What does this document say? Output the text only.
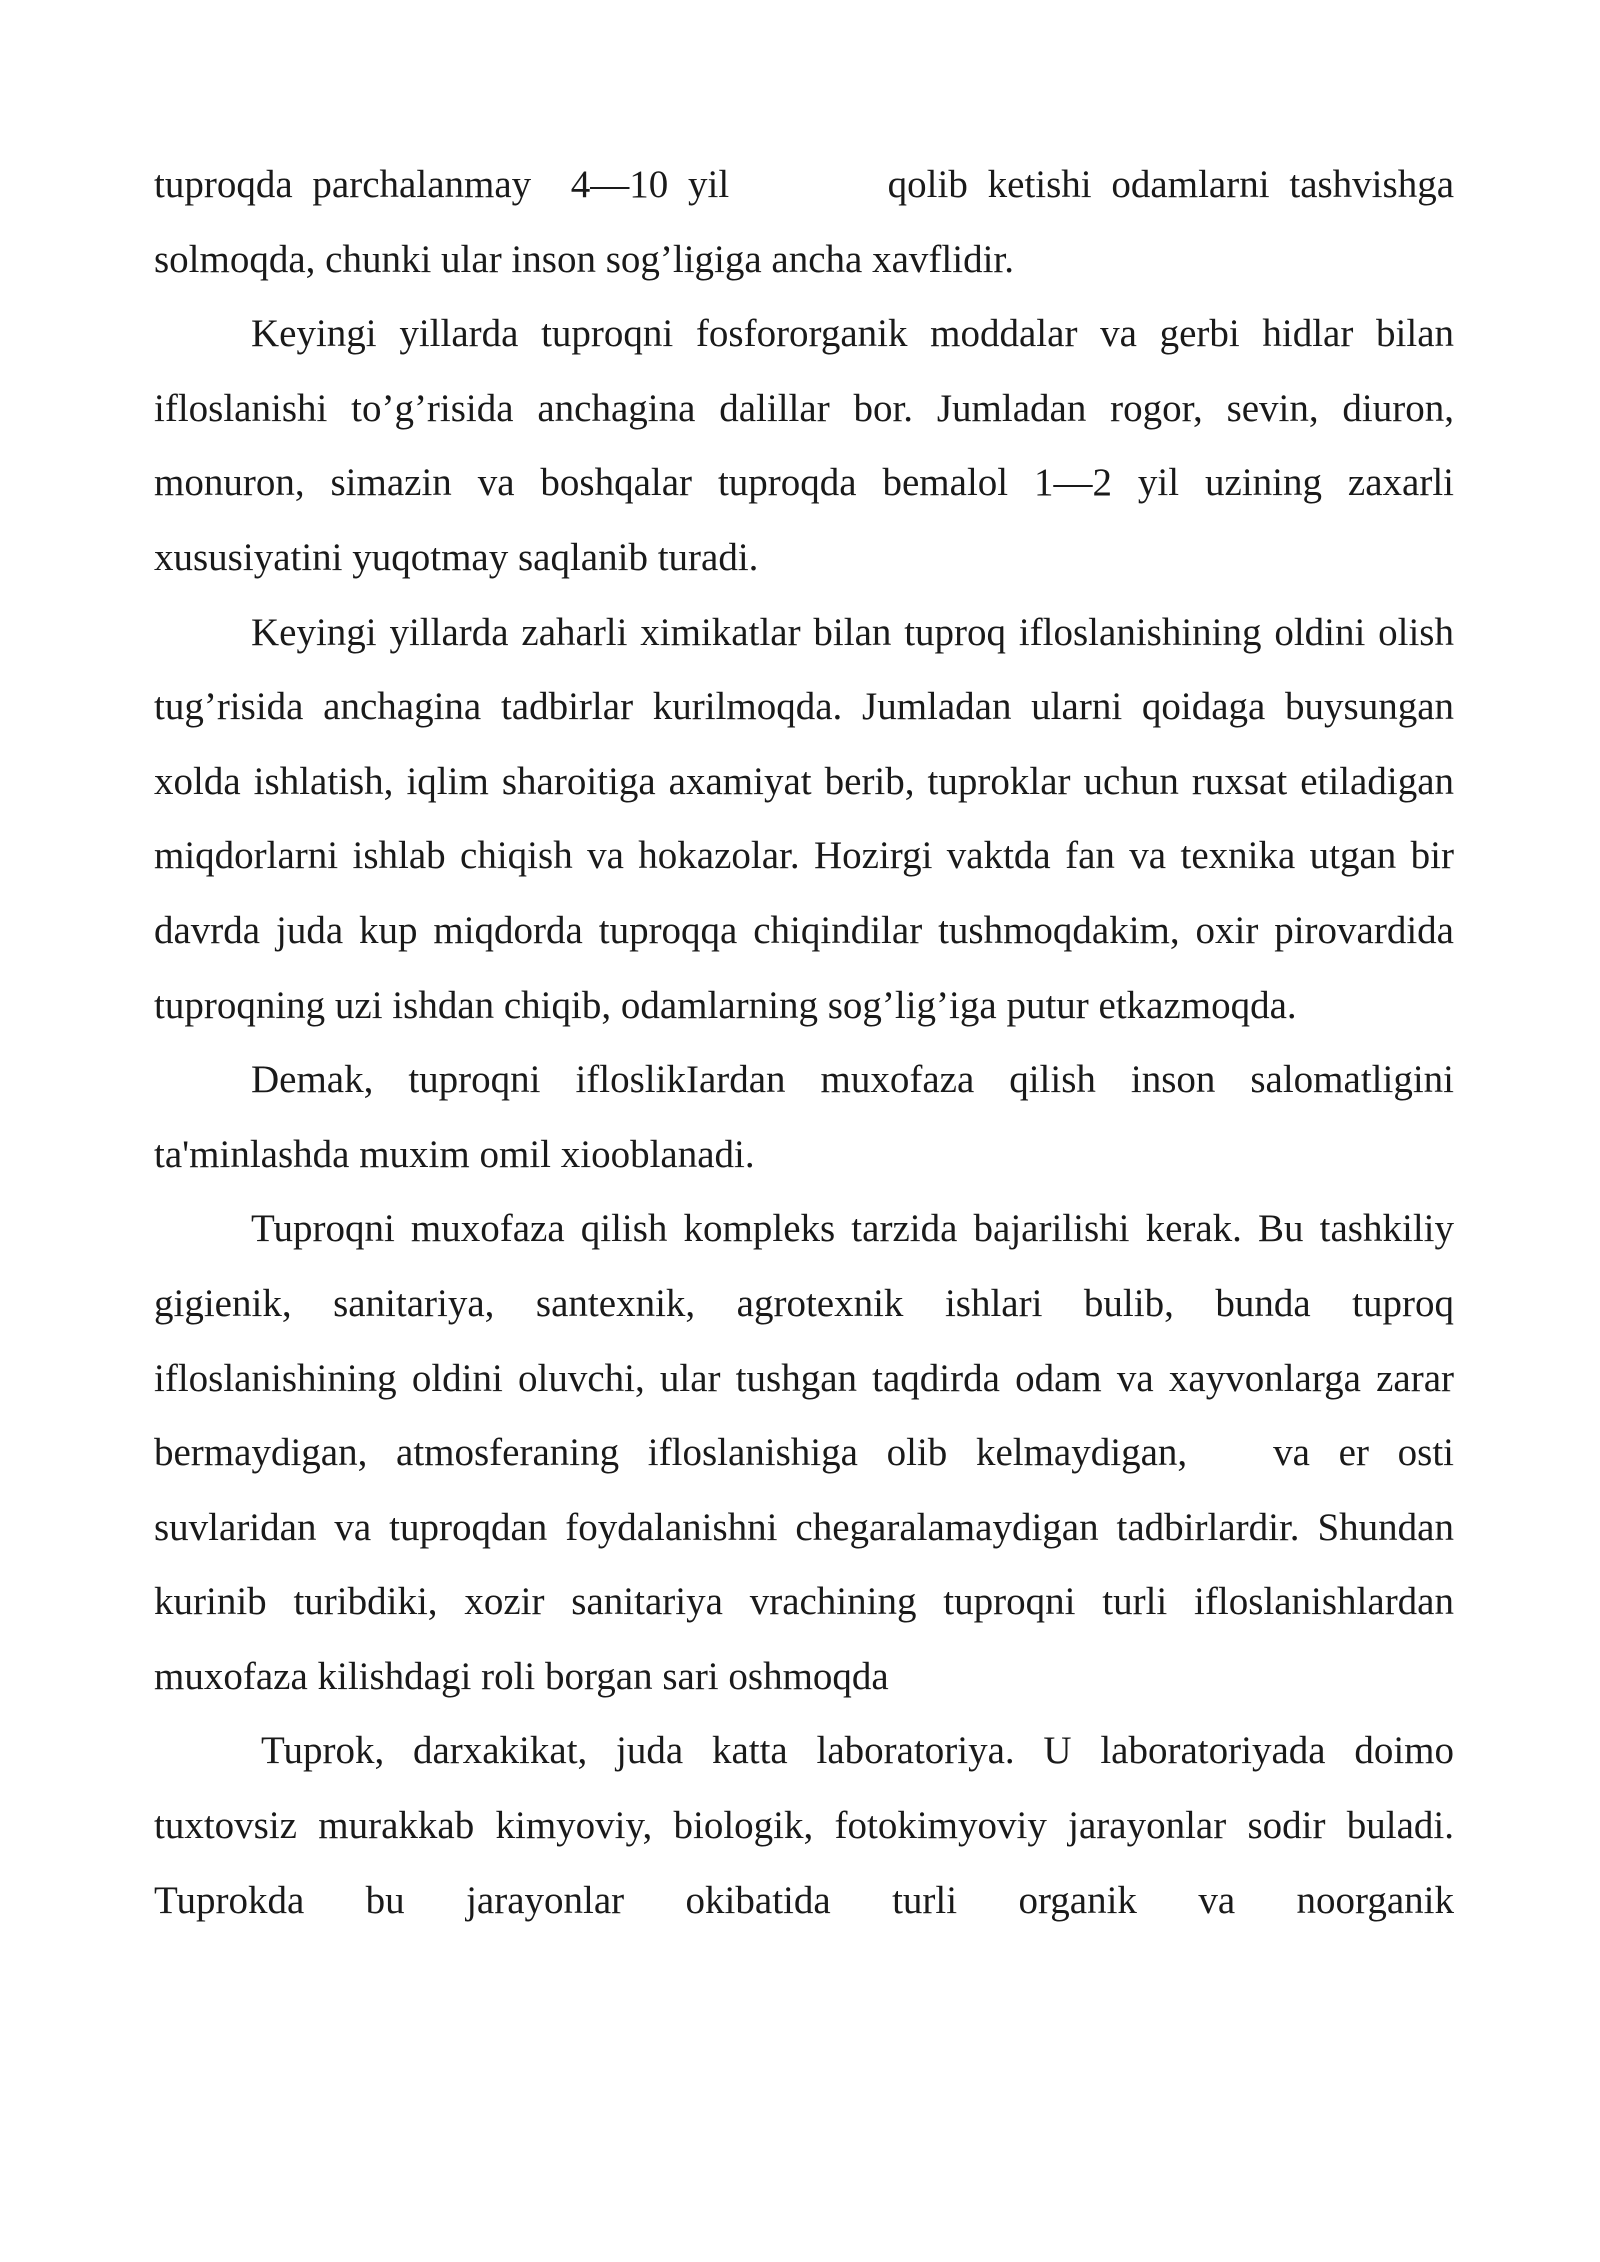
tuproqda parchalanmay  4—10 yil        qolib ketishi odamlarni tashvishga solmoqda, chunki ular inson sog’ligiga ancha xavflidir.

Keyingi yillarda tuproqni fosfororganik moddalar va gerbi hidlar bilan ifloslanishi to’g’risida anchagina dalillar bor. Jumladan rogor, sevin, diuron, monuron, simazin va boshqalar tuproqda bemalol 1—2 yil uzining zaxarli xususiyatini yuqotmay saqlanib turadi.

Keyingi yillarda zaharli ximikatlar bilan tuproq ifloslanishining oldini olish tug’risida anchagina tadbirlar kurilmoqda. Jumladan ularni qoidaga buysungan xolda ishlatish, iqlim sharoitiga axamiyat berib, tuproklar uchun ruxsat etiladigan miqdorlarni ishlab chiqish va hokazolar. Hozirgi vaktda fan va texnika utgan bir davrda juda kup miqdorda tuproqqa chiqindilar tushmoqdakim, oxir pirovardida tuproqning uzi ishdan chiqib, odamlarning sog’lig’iga putur etkazmoqda.

Demak, tuproqni ifloslikIardan muxofaza qilish inson salomatligini ta'minlashda muxim omil xiooblanadi.

Tuproqni muxofaza qilish kompleks tarzida bajarilishi kerak. Bu tashkiliy gigienik, sanitariya, santexnik, agrotexnik ishlari bulib, bunda tuproq ifloslanishining oldini oluvchi, ular tushgan taqdirda odam va xayvonlarga zarar bermaydigan, atmosferaning ifloslanishiga olib kelmaydigan,   va er osti suvlaridan va tuproqdan foydalanishni chegaralamaydigan tadbirlardir. Shundan kurinib turibdiki, xozir sanitariya vrachining tuproqni turli ifloslanishlardan muxofaza kilishdagi roli borgan sari oshmoqda

Tuprok, darxakikat, juda katta laboratoriya. U laboratoriyada doimo tuxtovsiz murakkab kimyoviy, biologik, fotokimyoviy jarayonlar sodir buladi. Tuprokda bu jarayonlar okibatida turli organik va noorganik
